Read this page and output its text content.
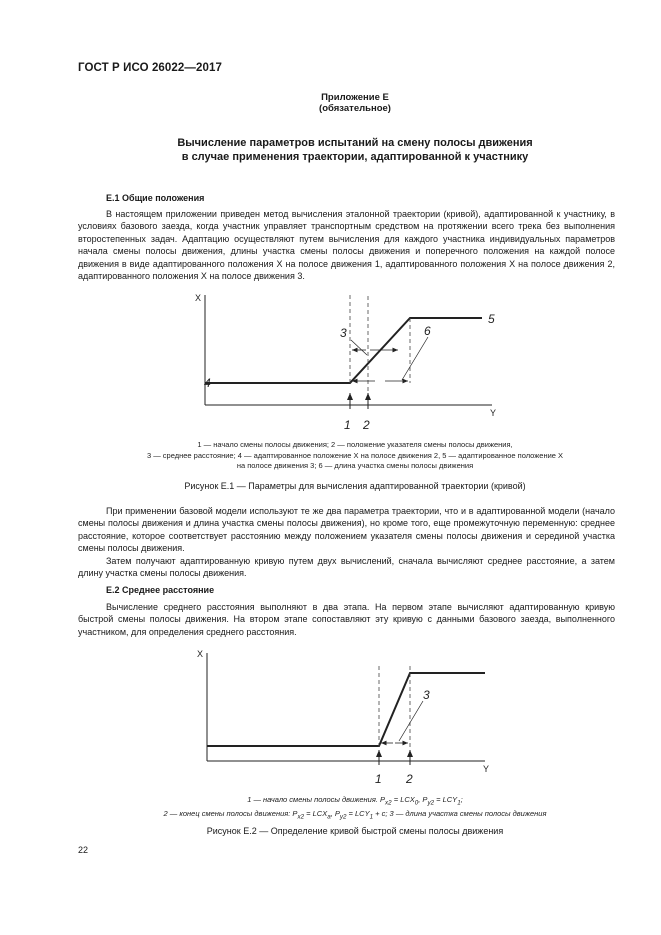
ГОСТ Р ИСО 26022—2017
Приложение Е
(обязательное)
Вычисление параметров испытаний на смену полосы движения
в случае применения траектории, адаптированной к участнику
Е.1 Общие положения

В настоящем приложении приведен метод вычисления эталонной траектории (кривой), адаптированной к участнику, в условиях базового заезда, когда участник управляет транспортным средством на протяжении всего трека без выполнения второстепенных задач. Адаптацию осуществляют путем вычисления для каждого участника индивидуальных параметров начала смены полосы движения, длины участка смены полосы движения и поперечного положения на каждой полосе движения в виде адаптированного положения X на полосе движения 1, адаптированного положения X на полосе движения 2, адаптированного положения X на полосе движения 3.

X
Y
1 2
3
4
5
6
1 — начало смены полосы движения; 2 — положение указателя смены полосы движения,
3 — среднее расстояние; 4 — адаптированное положение X на полосе движения 2, 5 — адаптированное положение X
на полосе движения 3; 6 — длина участка смены полосы движения
Рисунок Е.1 — Параметры для вычисления адаптированной траектории (кривой)

При применении базовой модели используют те же два параметра траектории, что и в адаптированной модели (начало смены полосы движения и длина участка смены полосы движения), но кроме того, еще промежуточную переменную: среднее расстояние, которое соответствует расстоянию между положением указателя смены полосы движения и серединой участка смены полосы движения.

Затем получают адаптированную кривую путем двух вычислений, сначала вычисляют среднее расстояние, а затем длину участка смены полосы движения.

Е.2 Среднее расстояние

Вычисление среднего расстояния выполняют в два этапа. На первом этапе вычисляют адаптированную кривую быстрой смены полосы движения. На втором этапе сопоставляют эту кривую с данными базового заезда, выполненного участником, для определения среднего расстояния.

X
Y
1 2
3
1 — начало смены полосы движения. $P_{x2} = LCX_0$, $P_{y2} = LCY_1$;
2 — конец смены полосы движения: $P_{x2} = LCX_a$, $P_{y2} = LCY_1 + c$; 3 — длина участка смены полосы движения
Рисунок Е.2 — Определение кривой быстрой смены полосы движения
22
